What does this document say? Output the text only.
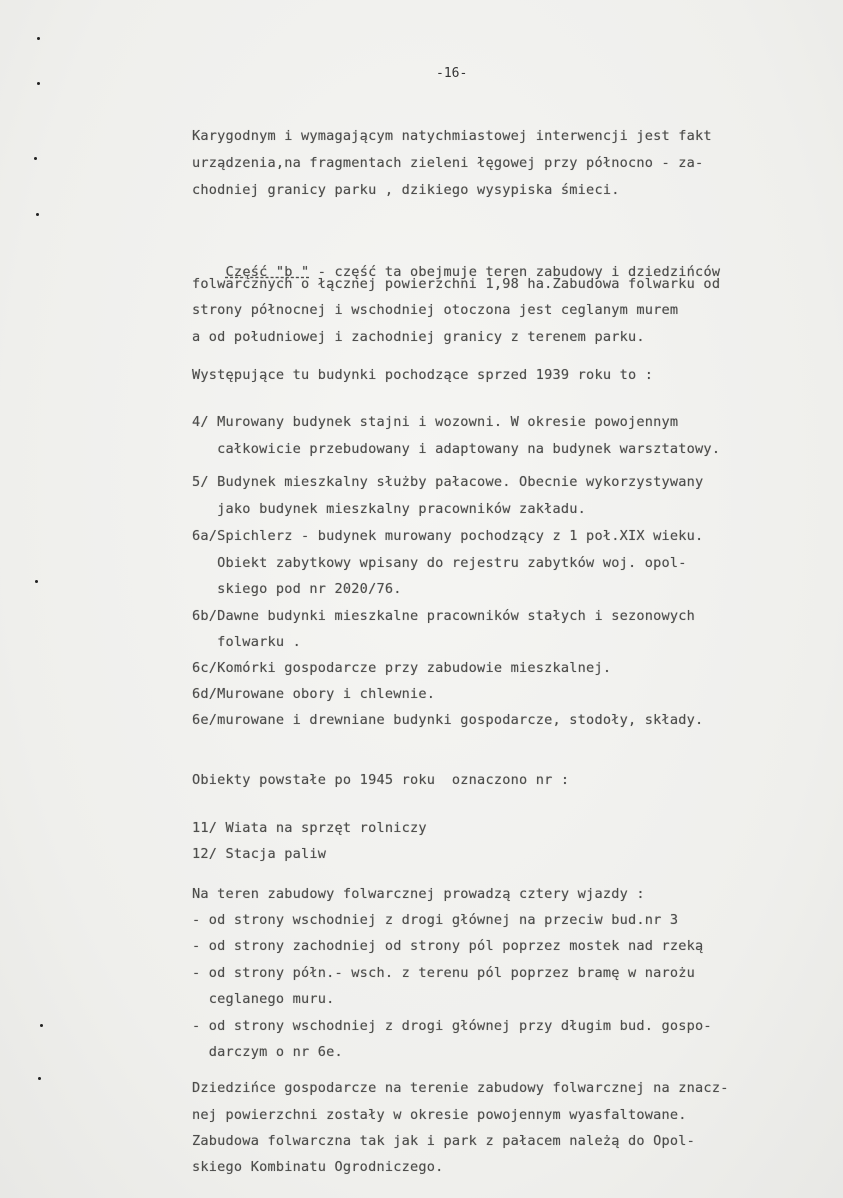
-16-
Karygodnym i wymagającym natychmiastowej interwencji jest fakt
urządzenia,na fragmentach zieleni łęgowej przy północno - za-
chodniej granicy parku , dzikiego wysypiska śmieci.

Część "b " - część ta obejmuje teren zabudowy i dziedzińców

folwarcznych o łącznej powierzchni 1,98 ha.Zabudowa folwarku od
strony północnej i wschodniej otoczona jest ceglanym murem
a od południowej i zachodniej granicy z terenem parku.
Występujące tu budynki pochodzące sprzed 1939 roku to :
4/ Murowany budynek stajni i wozowni. W okresie powojennym
całkowicie przebudowany i adaptowany na budynek warsztatowy.
5/ Budynek mieszkalny służby pałacowe. Obecnie wykorzystywany
jako budynek mieszkalny pracowników zakładu.
6a/Spichlerz - budynek murowany pochodzący z 1 poł.XIX wieku.
Obiekt zabytkowy wpisany do rejestru zabytków woj. opol-
skiego pod nr 2020/76.
6b/Dawne budynki mieszkalne pracowników stałych i sezonowych
folwarku .
6c/Komórki gospodarcze przy zabudowie mieszkalnej.
6d/Murowane obory i chlewnie.
6e/murowane i drewniane budynki gospodarcze, stodoły, składy.
Obiekty powstałe po 1945 roku  oznaczono nr :
11/ Wiata na sprzęt rolniczy
12/ Stacja paliw
Na teren zabudowy folwarcznej prowadzą cztery wjazdy :
- od strony wschodniej z drogi głównej na przeciw bud.nr 3
- od strony zachodniej od strony pól poprzez mostek nad rzeką
- od strony półn.- wsch. z terenu pól poprzez bramę w narożu
ceglanego muru.
- od strony wschodniej z drogi głównej przy długim bud. gospo-
darczym o nr 6e.
Dziedzińce gospodarcze na terenie zabudowy folwarcznej na znacz-
nej powierzchni zostały w okresie powojennym wyasfaltowane.
Zabudowa folwarczna tak jak i park z pałacem należą do Opol-
skiego Kombinatu Ogrodniczego.
